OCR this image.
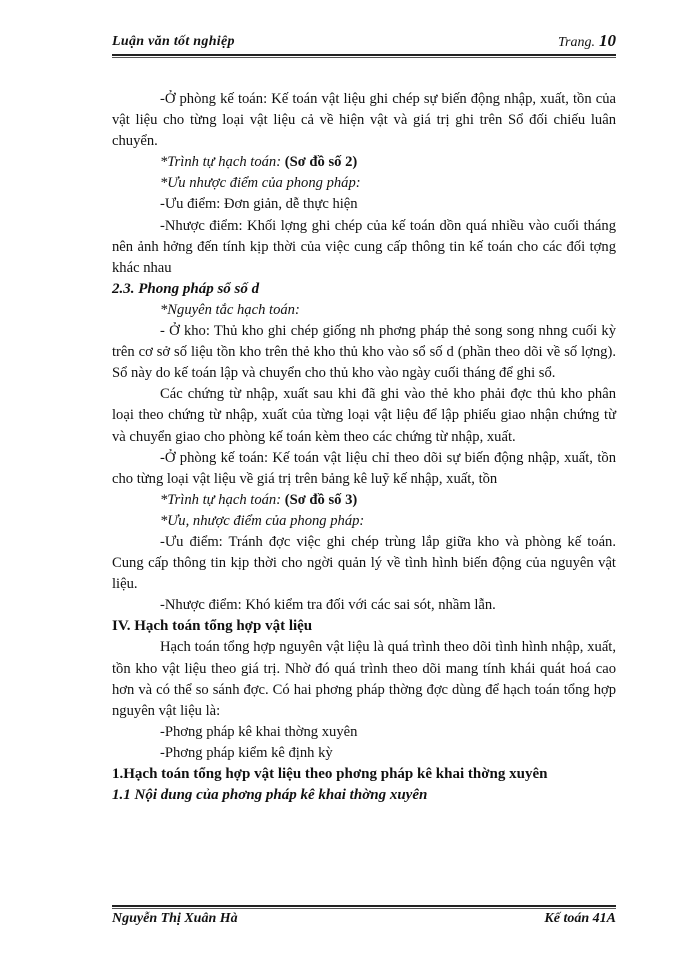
Luận văn tốt nghiệp	Trang. 10

-Ở phòng kế toán: Kế toán vật liệu ghi chép sự biến động nhập, xuất, tồn của vật liệu cho từng loại vật liệu cả về hiện vật và giá trị ghi trên Sổ đối chiếu luân chuyển.

*Trình tự hạch toán: (Sơ đồ số 2)

*Ưu nhược điểm của phong pháp:

-Ưu điểm: Đơn giản, dễ thực hiện

-Nhược điểm: Khối lợng ghi chép của kế toán dồn quá nhiều vào cuối tháng nên ảnh hởng đến tính kịp thời của việc cung cấp thông tin kế toán cho các đối tợng khác nhau

2.3. Phong pháp sổ số d

*Nguyên tắc hạch toán:

- Ở kho: Thủ kho ghi chép giống nh phơng pháp thẻ song song nhng cuối kỳ trên cơ sở số liệu tồn kho trên thẻ kho thủ kho vào sổ số d (phần theo dõi về số lợng). Sổ này do kế toán lập và chuyển cho thủ kho vào ngày cuối tháng để ghi sổ.

Các chứng từ nhập, xuất sau khi đã ghi vào thẻ kho phải đợc thủ kho phân loại theo chứng từ nhập, xuất của từng loại vật liệu để lập phiếu giao nhận chứng từ và chuyển giao cho phòng kế toán kèm theo các chứng từ nhập, xuất.

-Ở phòng kế toán: Kế toán vật liệu chỉ theo dõi sự biến động nhập, xuất, tồn cho từng loại vật liệu về giá trị trên bảng kê luỹ kế nhập, xuất, tồn

*Trình tự hạch toán: (Sơ đồ số 3)

*Ưu, nhược điểm của phong pháp:

-Ưu điểm: Tránh đợc việc ghi chép trùng lắp giữa kho và phòng kế toán. Cung cấp thông tin kịp thời cho ngời quản lý về tình hình biến động của nguyên vật liệu.

-Nhược điểm: Khó kiểm tra đối với các sai sót, nhầm lẫn.

IV. Hạch toán tổng hợp vật liệu

Hạch toán tổng hợp nguyên vật liệu là quá trình theo dõi tình hình nhập, xuất, tồn kho vật liệu theo giá trị. Nhờ đó quá trình theo dõi mang tính khái quát hoá cao hơn và có thể so sánh đợc. Có hai phơng pháp thờng đợc dùng để hạch toán tổng hợp nguyên vật liệu là:

-Phơng pháp kê khai thờng xuyên

-Phơng pháp kiểm kê định kỳ

1.Hạch toán tổng hợp vật liệu theo phơng pháp kê khai thờng xuyên

1.1 Nội dung của phơng pháp kê khai thờng xuyên

Nguyễn Thị Xuân Hà	Kế toán 41A
